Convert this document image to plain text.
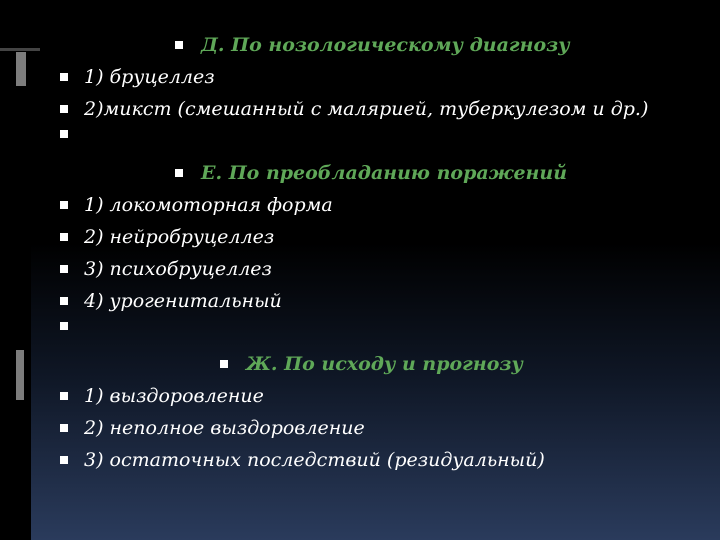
Д. По нозологическому диагнозу
1) бруцеллез
2)микст (смешанный с малярией, туберкулезом и др.)
Е. По преобладанию поражений
1) локомоторная форма
2) нейробруцеллез
3) психобруцеллез
4) урогенитальный
Ж. По исходу и прогнозу
1) выздоровление
2) неполное выздоровление
3) остаточных последствий (резидуальный)
